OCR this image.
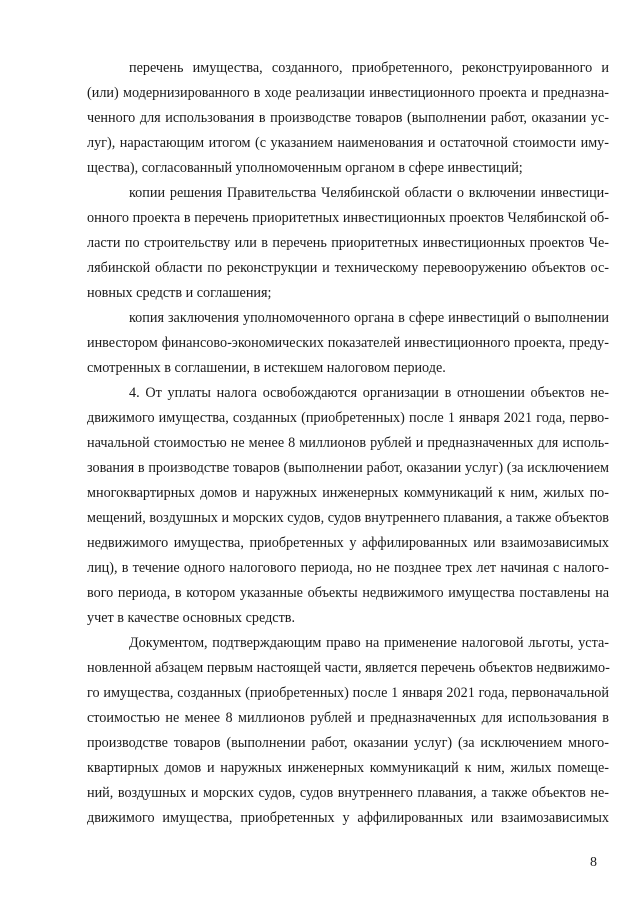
перечень имущества, созданного, приобретенного, реконструированного и
(или) модернизированного в ходе реализации инвестиционного проекта и предназна-
ченного для использования в производстве товаров (выполнении работ, оказании ус-
луг), нарастающим итогом (с указанием наименования и остаточной стоимости иму-
щества), согласованный уполномоченным органом в сфере инвестиций;
копии решения Правительства Челябинской области о включении инвестици-
онного проекта в перечень приоритетных инвестиционных проектов Челябинской об-
ласти по строительству или в перечень приоритетных инвестиционных проектов Че-
лябинской области по реконструкции и техническому перевооружению объектов ос-
новных средств и соглашения;
копия заключения уполномоченного органа в сфере инвестиций о выполнении
инвестором финансово-экономических показателей инвестиционного проекта, преду-
смотренных в соглашении, в истекшем налоговом периоде.
4. От уплаты налога освобождаются организации в отношении объектов не-
движимого имущества, созданных (приобретенных) после 1 января 2021 года, перво-
начальной стоимостью не менее 8 миллионов рублей и предназначенных для исполь-
зования в производстве товаров (выполнении работ, оказании услуг) (за исключением
многоквартирных домов и наружных инженерных коммуникаций к ним, жилых по-
мещений, воздушных и морских судов, судов внутреннего плавания, а также объектов
недвижимого имущества, приобретенных у аффилированных или взаимозависимых
лиц), в течение одного налогового периода, но не позднее трех лет начиная с налого-
вого периода, в котором указанные объекты недвижимого имущества поставлены на
учет в качестве основных средств.
Документом, подтверждающим право на применение налоговой льготы, уста-
новленной абзацем первым настоящей части, является перечень объектов недвижимо-
го имущества, созданных (приобретенных) после 1 января 2021 года, первоначальной
стоимостью не менее 8 миллионов рублей и предназначенных для использования в
производстве товаров (выполнении работ, оказании услуг) (за исключением много-
квартирных домов и наружных инженерных коммуникаций к ним, жилых помеще-
ний, воздушных и морских судов, судов внутреннего плавания, а также объектов не-
движимого имущества, приобретенных у аффилированных или взаимозависимых
8
